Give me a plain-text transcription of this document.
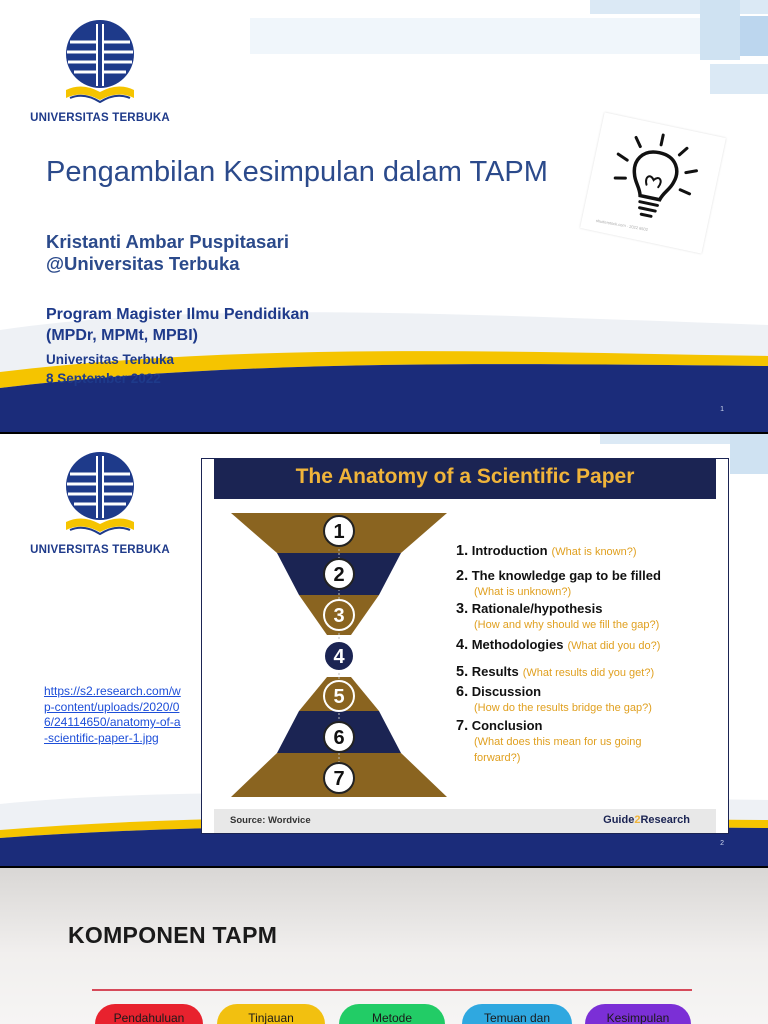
UNIVERSITAS TERBUKA
shutterstock.com · 2022 6502
Pengambilan Kesimpulan dalam TAPM
Kristanti Ambar Puspitasari
@Universitas Terbuka
Program Magister Ilmu Pendidikan
(MPDr, MPMt, MPBI)
Universitas Terbuka
8 September 2022
1
UNIVERSITAS TERBUKA
https://s2.research.com/wp-content/uploads/2020/06/24114650/anatomy-of-a-scientific-paper-1.jpg
The Anatomy of a Scientific Paper
1
2
3
4
5
6
7
1. Introduction (What is known?)
2. The knowledge gap to be filled
(What is unknown?)
3. Rationale/hypothesis
(How and why should we fill the gap?)
4. Methodologies (What did you do?)
5. Results (What results did you get?)
6. Discussion
(How do the results bridge the gap?)
7. Conclusion
(What does this mean for us going
forward?)
Source: Wordvice	Guide2Research
2
KOMPONEN TAPM
Pendahuluan	Tinjauan	Metode	Temuan dan	Kesimpulan
